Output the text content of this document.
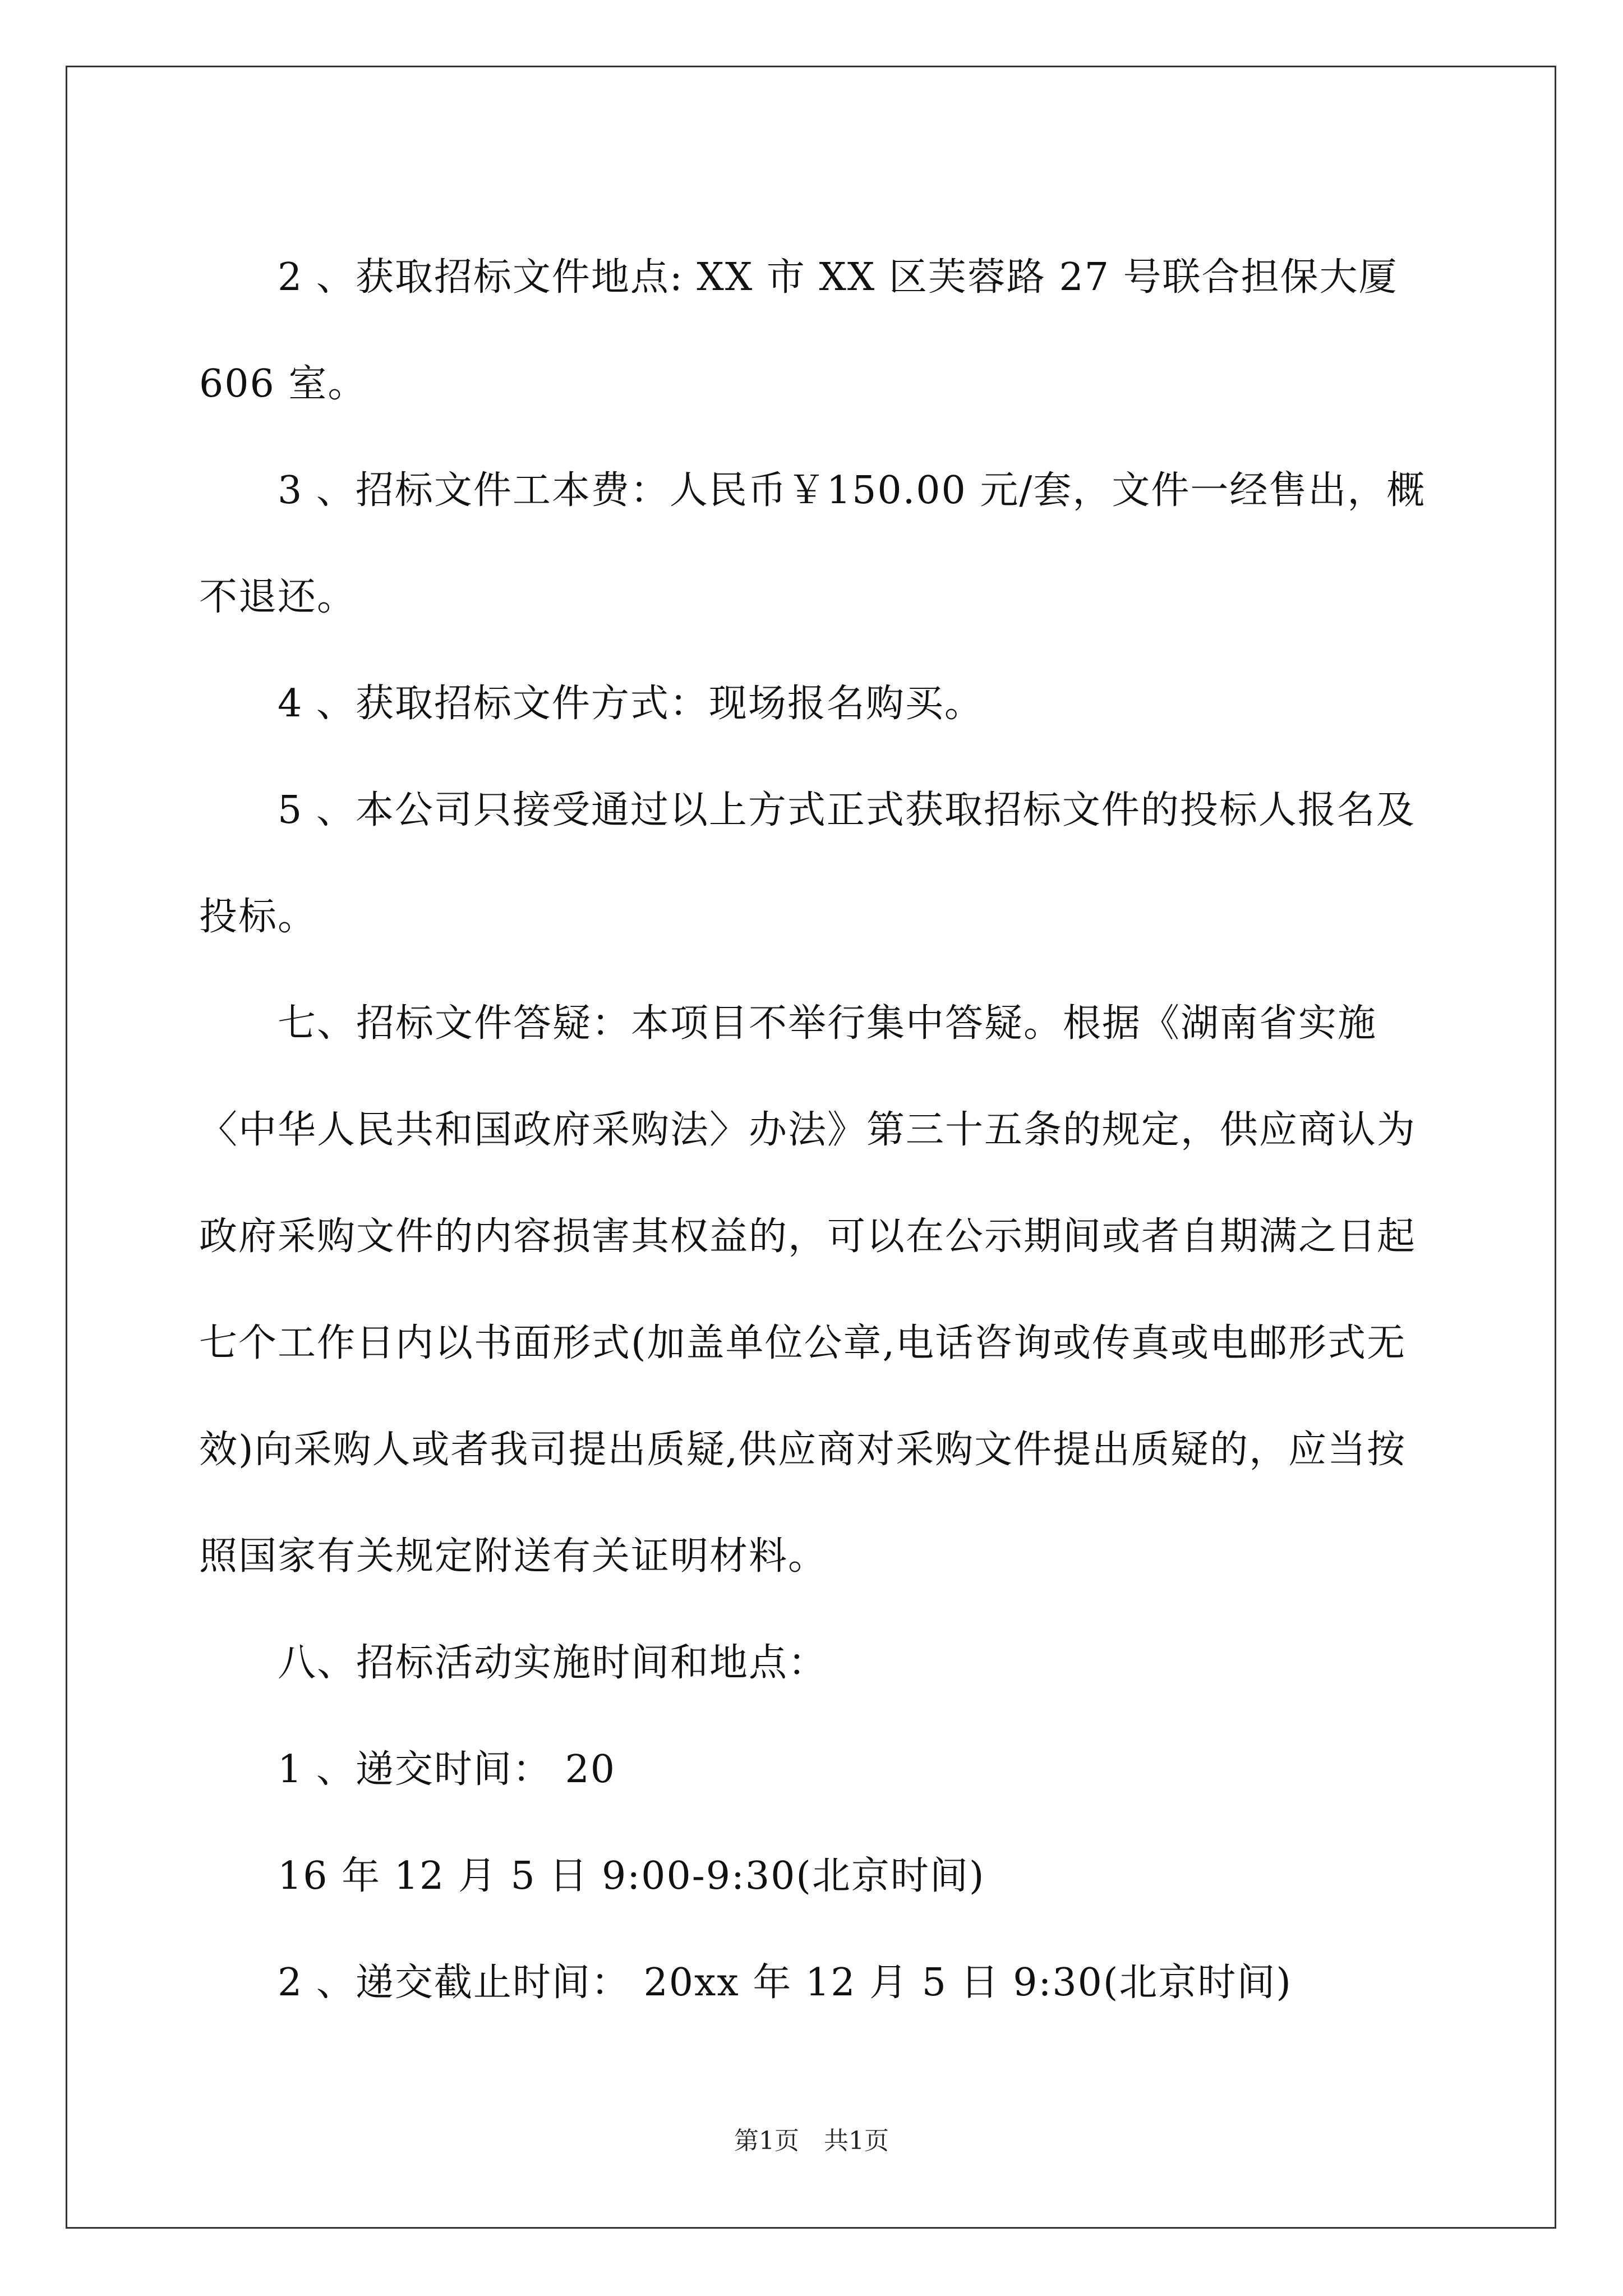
2 、获取招标文件地点: XX 市 XX 区芙蓉路 27 号联合担保大厦 606 室。

3 、招标文件工本费：人民币￥150.00 元/套，文件一经售出，概不退还。

4 、获取招标文件方式：现场报名购买。

5 、本公司只接受通过以上方式正式获取招标文件的投标人报名及投标。

七、招标文件答疑：本项目不举行集中答疑。根据《湖南省实施〈中华人民共和国政府采购法〉办法》第三十五条的规定，供应商认为政府采购文件的内容损害其权益的，可以在公示期间或者自期满之日起七个工作日内以书面形式(加盖单位公章,电话咨询或传真或电邮形式无效)向采购人或者我司提出质疑,供应商对采购文件提出质疑的，应当按照国家有关规定附送有关证明材料。

八、招标活动实施时间和地点：

1 、递交时间： 20

16 年 12 月 5 日 9:00-9:30(北京时间)

2 、递交截止时间： 20xx 年 12 月 5 日 9:30(北京时间)

第1页　共1页
